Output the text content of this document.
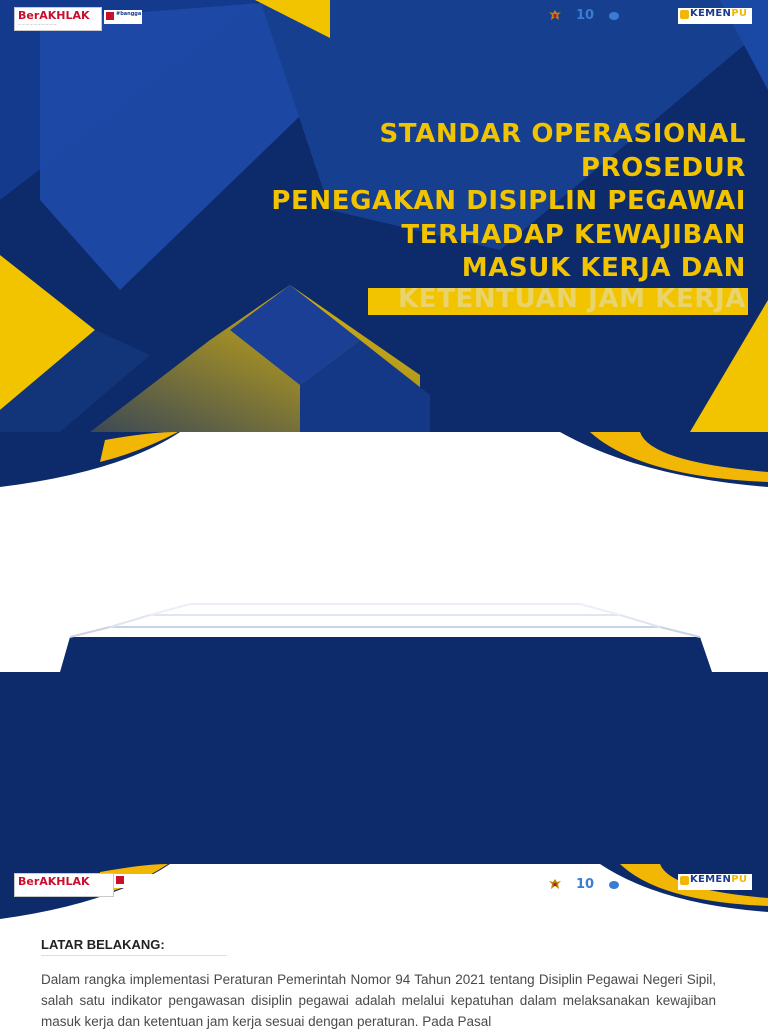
BerAKHLAK
— — — — — — — — — —
#bangga	10	KEMENPU
STANDAR OPERASIONAL
PROSEDUR
PENEGAKAN DISIPLIN PEGAWAI
TERHADAP KEWAJIBAN
MASUK KERJA DAN
KETENTUAN JAM KERJA
BerAKHLAK	10	KEMENPU
LATAR BELAKANG:
Dalam rangka implementasi Peraturan Pemerintah Nomor 94 Tahun 2021 tentang Disiplin Pegawai Negeri Sipil, salah satu indikator pengawasan disiplin pegawai adalah melalui kepatuhan dalam melaksanakan kewajiban masuk kerja dan ketentuan jam kerja sesuai dengan peraturan. Pada Pasal
